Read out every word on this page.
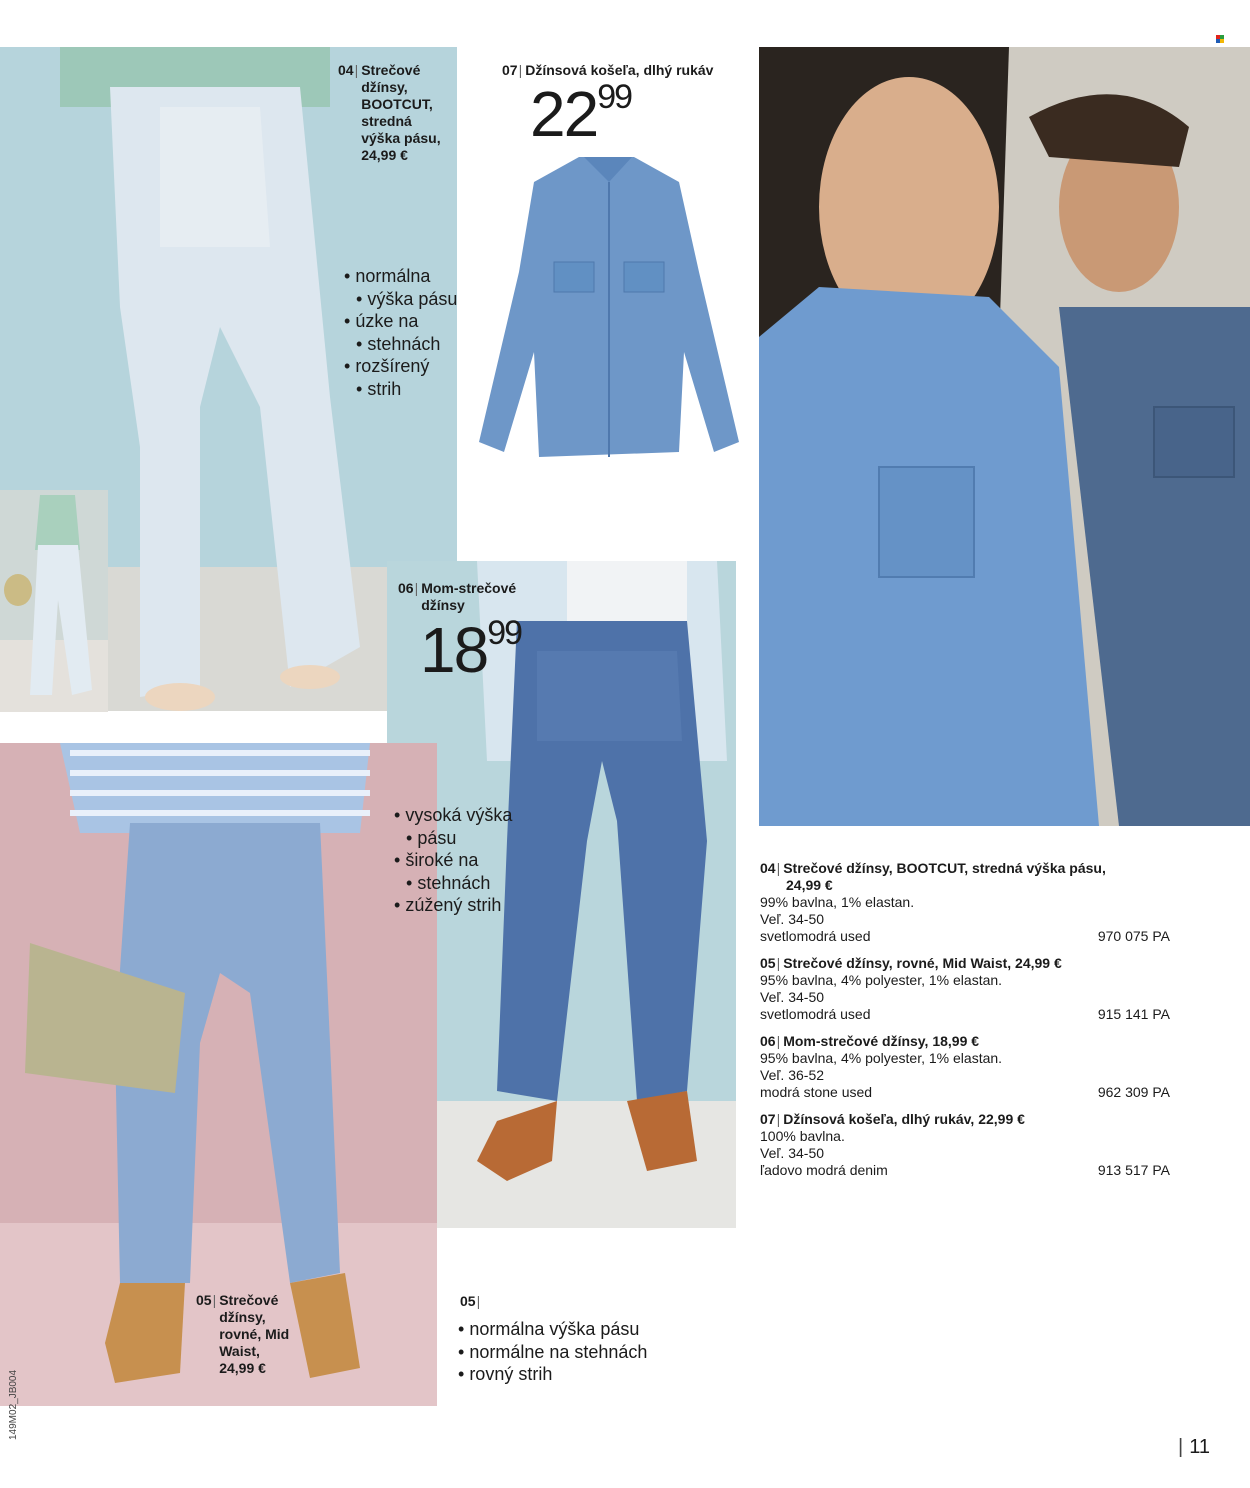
04 | Strečové
džínsy,
BOOTCUT,
stredná
výška pásu,
24,99 €
• normálna
• výška pásu
• úzke na
• stehnách
• rozšírený
• strih
07| Džínsová košeľa, dlhý rukáv
2299
06 | Mom-strečové
džínsy
1899
• vysoká výška
• pásu
• široké na
• stehnách
• zúžený strih
05 | Strečové
džínsy,
rovné, Mid
Waist,
24,99 €
05|
• normálna výška pásu
• normálne na stehnách
• rovný strih
04| Strečové džínsy, BOOTCUT, stredná výška pásu,
24,99 €
99% bavlna, 1% elastan.
Veľ. 34-50
svetlomodrá used	970 075 PA
05| Strečové džínsy, rovné, Mid Waist, 24,99 €
95% bavlna, 4% polyester, 1% elastan.
Veľ. 34-50
svetlomodrá used	915 141 PA
06| Mom-strečové džínsy, 18,99 €
95% bavlna, 4% polyester, 1% elastan.
Veľ. 36-52
modrá stone used	962 309 PA
07| Džínsová košeľa, dlhý rukáv, 22,99 €
100% bavlna.
Veľ. 34-50
ľadovo modrá denim	913 517 PA
| 11
149M02_JB004
